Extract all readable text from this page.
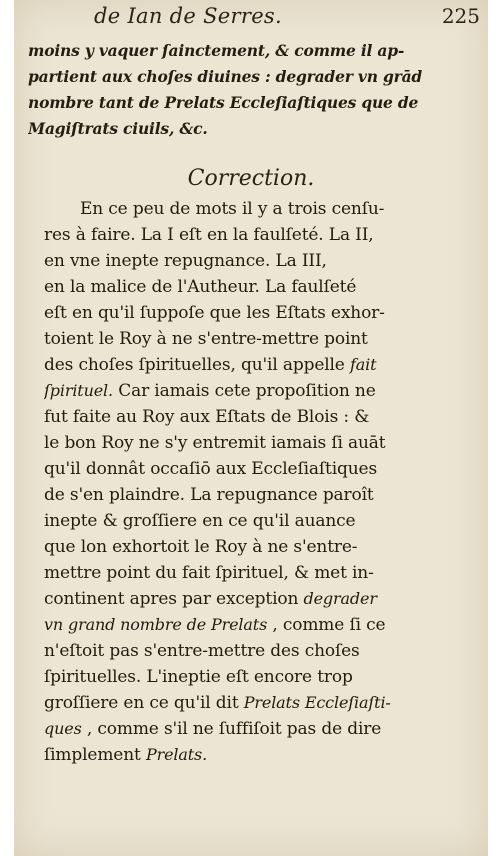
de Ian de Serres.	225
moins y vaquer ſainctement, & comme il ap-
partient aux choſes diuines : degrader vn grād
nombre tant de Prelats Eccleſiaſtiques que de
Magiſtrats ciuils, &c.
Correction.
En ce peu de mots il y a trois cenſu-
res à faire. La I eſt en la faulſeté. La II,
en vne inepte repugnance. La III,
en la malice de l'Autheur. La faulſeté
eſt en qu'il ſuppoſe que les Eſtats exhor-
toient le Roy à ne s'entre-mettre point
des choſes ſpirituelles, qu'il appelle fait
ſpirituel. Car iamais cete propoſition ne
fut faite au Roy aux Eſtats de Blois : &
le bon Roy ne s'y entremit iamais ſi auāt
qu'il donnât occaſiō aux Eccleſiaſtiques
de s'en plaindre. La repugnance paroît
inepte & groſſiere en ce qu'il auance
que lon exhortoit le Roy à ne s'entre-
mettre point du fait ſpirituel, & met in-
continent apres par exception degrader
vn grand nombre de Prelats , comme ſi ce
n'eſtoit pas s'entre-mettre des choſes
ſpirituelles. L'ineptie eſt encore trop
groſſiere en ce qu'il dit Prelats Eccleſiaſti-
ques , comme s'il ne ſuffiſoit pas de dire
ſimplement Prelats.
